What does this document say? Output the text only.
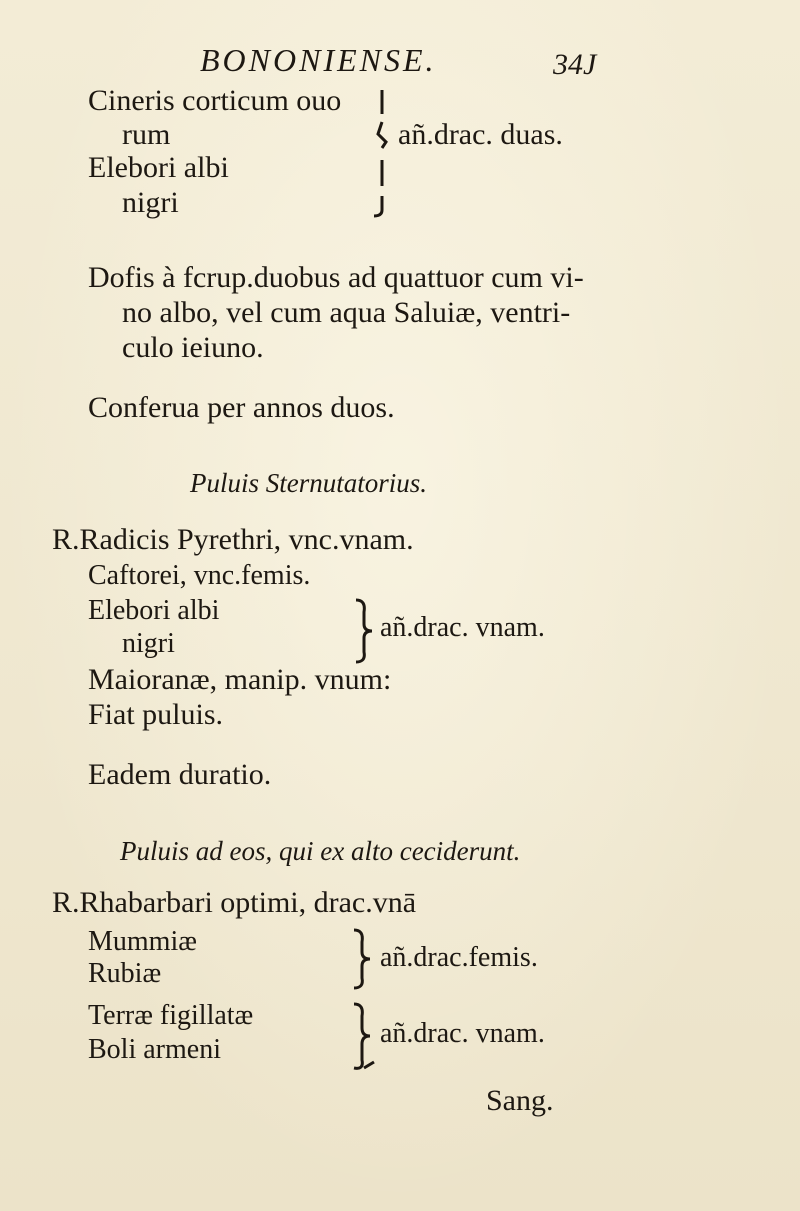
BONONIENSE.	34J
Cineris corticum ouo
rum
Elebori albi
nigri
añ.drac. duas.
Dofis à fcrup.duobus ad quattuor cum vi-
no albo, vel cum aqua Saluiæ, ventri-
culo ieiuno.
Conferua per annos duos.
Puluis Sternutatorius.
R.Radicis Pyrethri, vnc.vnam.
Caftorei, vnc.femis.
Elebori albi
nigri
añ.drac. vnam.
Maioranæ, manip. vnum:
Fiat puluis.
Eadem duratio.
Puluis ad eos, qui ex alto ceciderunt.
R.Rhabarbari optimi, drac.vnā
Mummiæ
Rubiæ
añ.drac.femis.
Terræ figillatæ
Boli armeni
añ.drac. vnam.
Sang.
